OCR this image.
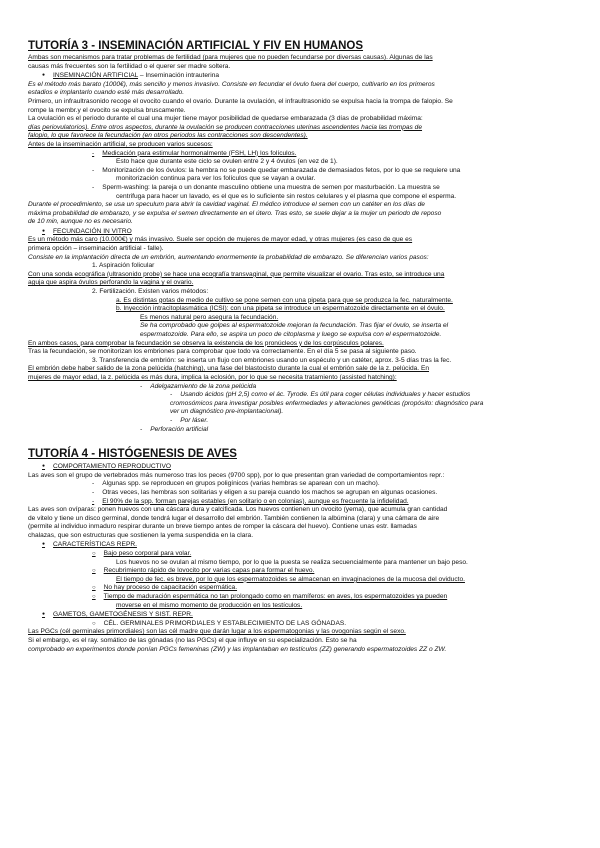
TUTORÍA 3 - INSEMINACIÓN ARTIFICIAL Y FIV EN HUMANOS
Ambas son mecanismos para tratar problemas de fertilidad (para mujeres que no pueden fecundarse por diversas causas). Algunas de las
causas más frecuentes son la fertilidad o el querer ser madre soltera.
● INSEMINACIÓN ARTIFICIAL – Inseminación intrauterina
Es el método más barato (1000€), más sencillo y menos invasivo. Consiste en fecundar el óvulo fuera del cuerpo, cultivarlo en los primeros
estadios e implantarlo cuando esté más desarrollado.
Primero, un infraultrasonido recoge el ovocito cuando el ovario. Durante la ovulación, el infraultrasonido se expulsa hacia la trompa de falopio. Se
rompe la membr.y el ovocito se expulsa bruscamente.
La ovulación es el periodo durante el cual una mujer tiene mayor posibilidad de quedarse embarazada (3 días de probabilidad máxima:
días periovulatorios). Entre otros aspectos, durante la ovulación se producen contracciones uterinas ascendentes hacia las trompas de
falopio, lo que favorece la fecundación (en otros periodos las contracciones son descendentes).
Antes de la inseminación artificial, se producen varios sucesos:
- Medicación para estimular hormonalmente (FSH, LH) los folículos.
Esto hace que durante este ciclo se ovulen entre 2 y 4 óvulos (en vez de 1).
- Monitorización de los óvulos: la hembra no se puede quedar embarazada de demasiados fetos, por lo que se requiere una
monitorización continua para ver los folículos que se vayan a ovular.
- Sperm-washing: la pareja o un donante masculino obtiene una muestra de semen por masturbación. La muestra se
centrifuga para hacer un lavado, es el que es lo suficiente sin restos celulares y el plasma que compone el esperma.
Durante el procedimiento, se usa un speculum para abrir la cavidad vaginal. El médico introduce el semen con un catéter en los días de
máxima probabilidad de embarazo, y se expulsa el semen directamente en el útero. Tras esto, se suele dejar a la mujer un periodo de reposo
de 10 min, aunque no es necesario.
● FECUNDACIÓN IN VITRO
Es un método más caro (10.000€) y más invasivo. Suele ser opción de mujeres de mayor edad, y otras mujeres (es caso de que es
primera opción – inseminación artificial - falle).
Consiste en la implantación directa de un embrión, aumentando enormemente la probabilidad de embarazo. Se diferencian varios pasos:
1. Aspiración folicular
Con una sonda ecográfica (ultrasonido probe) se hace una ecografía transvaginal, que permite visualizar el ovario. Tras esto, se introduce una
aguja que aspira óvulos perforando la vagina y el ovario.
2. Fertilización. Existen varios métodos:
a. Es distintas gotas de medio de cultivo se pone semen con una pipeta para que se produzca la fec. naturalmente.
b. Inyección intracitoplasmática (ICSI): con una pipeta se introduce un espermatozoide directamente en el óvulo.
Es menos natural pero asegura la fecundación.
Se ha comprobado que golpes al espermatozoide mejoran la fecundación. Tras fijar el óvulo, se inserta el
espermatozoide. Para ello, se aspira un poco de citoplasma y luego se expulsa con el espermatozoide.
En ambos casos, para comprobar la fecundación se observa la existencia de los pronúcleos y de los corpúsculos polares.
Tras la fecundación, se monitorizan los embriones para comprobar que todo va correctamente. En el día 5 se pasa al siguiente paso.
3. Transferencia de embrión: se inserta un flujo con embriones usando un espéculo y un catéter, aprox. 3-5 días tras la fec.
El embrión debe haber salido de la zona pelúcida (hatching), una fase del blastocisto durante la cual el embrión sale de la z. pelúcida. En
mujeres de mayor edad, la z. pelúcida es más dura, implica la eclosión, por lo que se necesita tratamiento (assisted hatching):
- Adelgazamiento de la zona pelúcida
- Usando ácidos (pH 2,5) como el ác. Tyrode. Es útil para coger células individuales y hacer estudios
cromosómicos para investigar posibles enfermedades y alteraciones genéticas (propósito: diagnóstico para
ver un diagnóstico pre-implantacional).
- Por láser.
- Perforación artificial
TUTORÍA 4 - HISTÓGENESIS DE AVES
● COMPORTAMIENTO REPRODUCTIVO
Las aves son el grupo de vertebrados más numeroso tras los peces (9700 spp), por lo que presentan gran variedad de comportamientos repr.:
- Algunas spp. se reproducen en grupos poligínicos (varias hembras se aparean con un macho).
- Otras veces, las hembras son solitarias y eligen a su pareja cuando los machos se agrupan en algunas ocasiones.
- El 90% de la spp. forman parejas estables (en solitario o en colonias), aunque es frecuente la infidelidad.
Las aves son ovíparas: ponen huevos con una cáscara dura y calcificada. Los huevos contienen un ovocito (yema), que acumula gran cantidad
de vitelo y tiene un disco germinal, donde tendrá lugar el desarrollo del embrión. También contienen la albúmina (clara) y una cámara de aire
(permite al individuo inmaduro respirar durante un breve tiempo antes de romper la cáscara del huevo). Contiene unas estr. llamadas
chalazas, que son estructuras que sostienen la yema suspendida en la clara.
● CARACTERÍSTICAS REPR.
○ Bajo peso corporal para volar.
Los huevos no se ovulan al mismo tiempo, por lo que la puesta se realiza secuencialmente para mantener un bajo peso.
○ Recubrimiento rápido de lovocito por varias capas para formar el huevo.
El tiempo de fec. es breve, por lo que los espermatozoides se almacenan en invaginaciones de la mucosa del oviducto.
○ No hay proceso de capacitación espermática.
○ Tiempo de maduración espermática no tan prolongado como en mamíferos: en aves, los espermatozoides ya pueden
moverse en el mismo momento de producción en los testículos.
● GAMETOS, GAMETOGÉNESIS Y SIST. REPR.
○ CÉL. GERMINALES PRIMORDIALES Y ESTABLECIMIENTO DE LAS GÓNADAS.
Las PGCs (cél germinales primordiales) son las cél madre que darán lugar a los espermatogonias y las ovogonias según el sexo.
Si el embargo, es el ray. somático de las gónadas (no las PGCs) el que influye en su especialización. Esto se ha
comprobado en experimentos donde ponían PGCs femeninas (ZW) y las implantaban en testículos (ZZ) generando espermatozoides ZZ o ZW.
